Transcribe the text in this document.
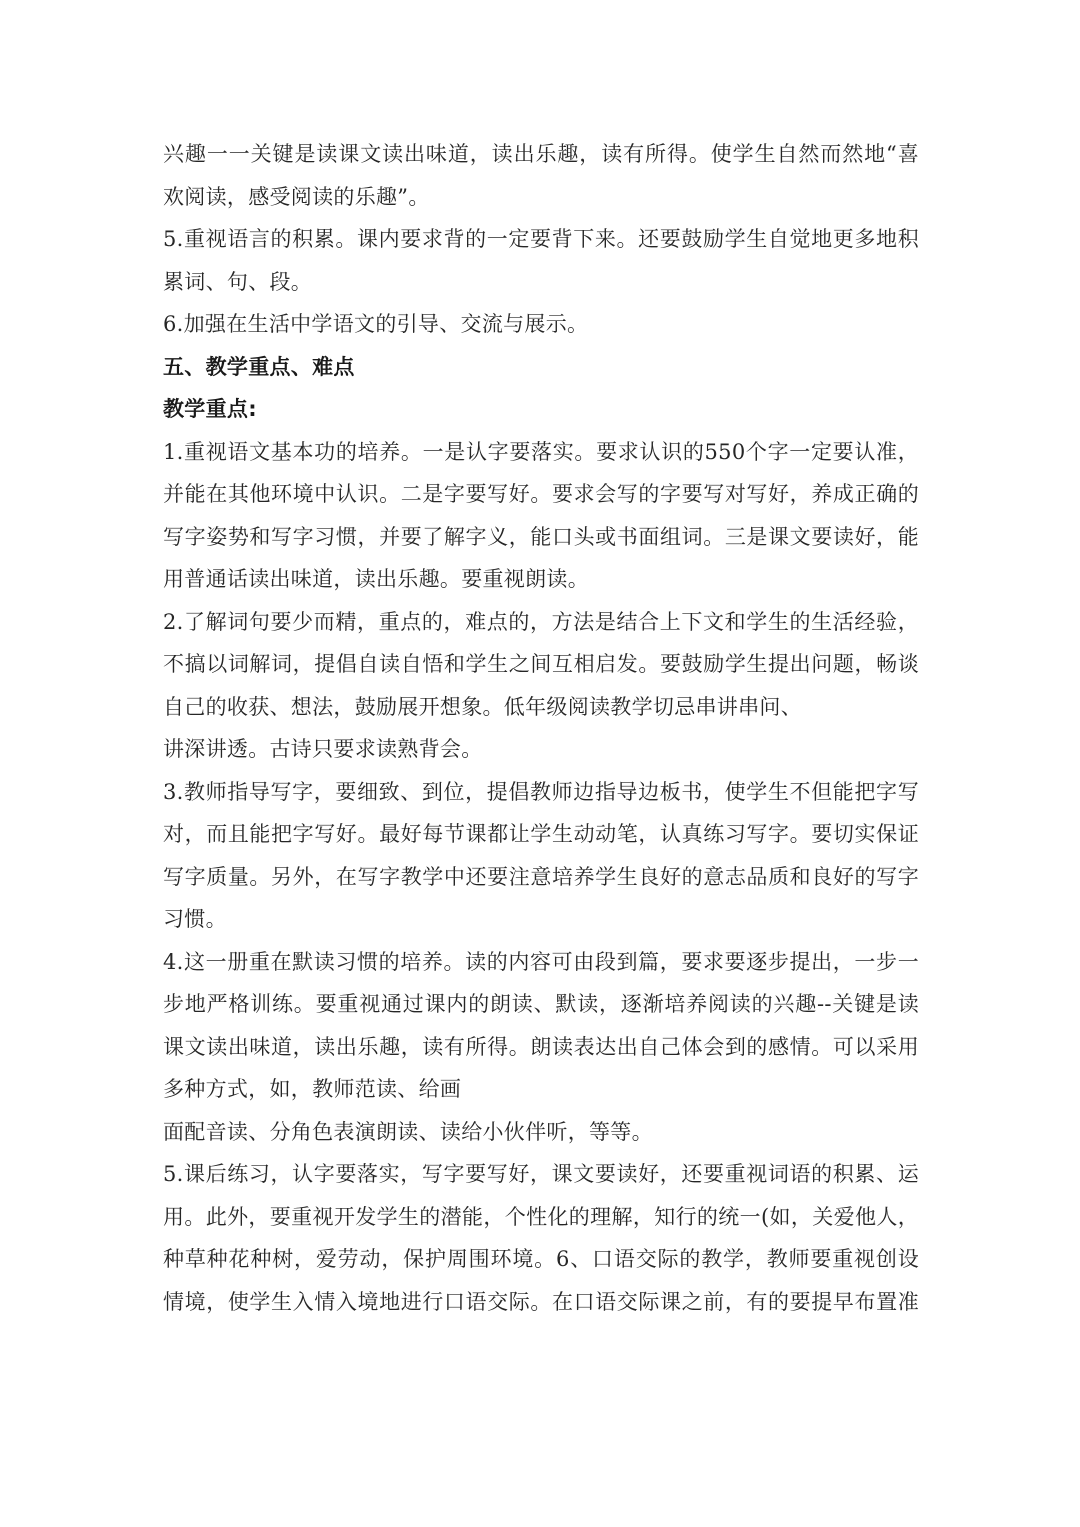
兴趣一一关键是读课文读出味道，读出乐趣，读有所得。使学生自然而然地“喜
欢阅读，感受阅读的乐趣”。
5.重视语言的积累。课内要求背的一定要背下来。还要鼓励学生自觉地更多地积
累词、句、段。
6.加强在生活中学语文的引导、交流与展示。
五、教学重点、难点
教学重点:
1.重视语文基本功的培养。一是认字要落实。要求认识的550个字一定要认准，
并能在其他环境中认识。二是字要写好。要求会写的字要写对写好，养成正确的
写字姿势和写字习惯，并要了解字义，能口头或书面组词。三是课文要读好，能
用普通话读出味道，读出乐趣。要重视朗读。
2.了解词句要少而精，重点的，难点的，方法是结合上下文和学生的生活经验，
不搞以词解词，提倡自读自悟和学生之间互相启发。要鼓励学生提出问题，畅谈
自己的收获、想法，鼓励展开想象。低年级阅读教学切忌串讲串问、
讲深讲透。古诗只要求读熟背会。
3.教师指导写字，要细致、到位，提倡教师边指导边板书，使学生不但能把字写
对，而且能把字写好。最好每节课都让学生动动笔，认真练习写字。要切实保证
写字质量。另外，在写字教学中还要注意培养学生良好的意志品质和良好的写字
习惯。
4.这一册重在默读习惯的培养。读的内容可由段到篇，要求要逐步提出，一步一
步地严格训练。要重视通过课内的朗读、默读，逐渐培养阅读的兴趣--关键是读
课文读出味道，读出乐趣，读有所得。朗读表达出自己体会到的感情。可以采用
多种方式，如，教师范读、给画
面配音读、分角色表演朗读、读给小伙伴听，等等。
5.课后练习，认字要落实，写字要写好，课文要读好，还要重视词语的积累、运
用。此外，要重视开发学生的潜能，个性化的理解，知行的统一(如，关爱他人，
种草种花种树，爱劳动，保护周围环境。6、口语交际的教学，教师要重视创设
情境，使学生入情入境地进行口语交际。在口语交际课之前，有的要提早布置准
